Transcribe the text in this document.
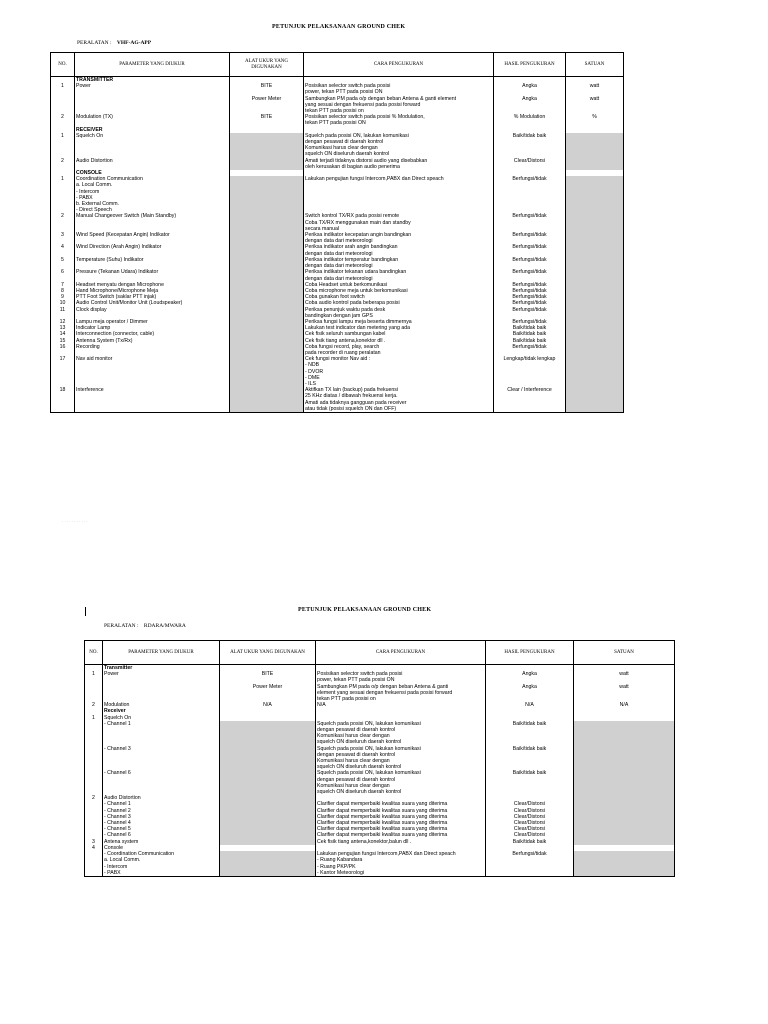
PETUNJUK PELAKSANAAN GROUND CHEK
PERALATAN : VHF-AG-APP
NO.	PARAMETER YANG DIUKUR	ALAT UKUR YANG DIGUNAKAN	CARA PENGUKURAN	HASIL PENGUKURAN	SATUAN
	TRANSMITTER				
1	Power	BITE	Posisikan selector switch pada posisi	Angka	watt
			power, tekan PTT pada posisi ON		
		Power Meter	Sambungkan PM pada o/p dengan beban Antena & ganti element	Angka	watt
			yang sesuai dengan frekuensi pada posisi forward		
			tekan PTT pada posisi on		
2	Modulation (TX)	BITE	Posisikan selector switch pada posisi % Modulation,	% Modulation	%
			tekan PTT pada posisi ON		
	RECEIVER				
1	Squelch On		Squelch pada posisi ON, lakukan komunikasi	Baik/tidak baik	
			dengan pesawat di daerah kontrol		
			Komunikasi harus clear dengan		
			squelch ON diseluruh daerah kontrol		
2	Audio Distortion		Amati terjadi tidaknya distorsi audio yang disebabkan	Clear/Distorsi	
			oleh kerusakan di bagian audio penerima		
	CONSOLE				
1	Coordination Communication		Lakukan pengujian fungsi Intercom,PABX dan Direct speach	Berfungsi/tidak	
	a. Local Comm.				
	- Intercom				
	- PABX				
	b. External Comm.				
	- Direct Speech				
2	Manual Changeover Switch (Main Standby)		Switch kontrol TX/RX pada posisi remote	Berfungsi/tidak	
			Coba TX/RX menggunakan main dan standby		
			secara manual		
3	Wind Speed (Kecepatan Angin) Indikator		Periksa indikator kecepatan angin bandingkan	Berfungsi/tidak	
			dengan data dari meteorologi		
4	Wind Direction (Arah Angin) Indikator		Periksa indikator arah angin bandingkan	Berfungsi/tidak	
			dengan data dari meteorologi		
5	Temperature (Suhu) Indikator		Periksa indikator temperatur bandingkan	Berfungsi/tidak	
			dengan data dari meteorologi		
6	Pressure (Tekanan Udara) Indikator		Periksa indikator tekanan udara bandingkan	Berfungsi/tidak	
			dengan data dari meteorologi		
7	Headset menyatu dengan Microphone		Coba Headset untuk berkomunikasi	Berfungsi/tidak	
8	Hand Microphone/Microphone Meja		Coba microphone meja untuk berkomunikasi	Berfungsi/tidak	
9	PTT Foot Switch (saklar PTT injak)		Coba gunakan foot switch	Berfungsi/tidak	
10	Audio Control Unit/Monitor Unit (Loudspeaker)		Coba audio kontrol pada beberapa posisi	Berfungsi/tidak	
11	Clock display		Periksa penunjuk waktu pada desk	Berfungsi/tidak	
			bandingkan dengan jam GPS		
12	Lampu meja operator / Dimmer		Periksa fungsi lampu meja beserta dimmernya	Berfungsi/tidak	
13	Indicator Lamp		Lakukan test indicator dan metering yang ada	Baik/tidak baik	
14	Interconnection (connector, cable)		Cek fisik seluruh sambungan kabel	Baik/tidak baik	
15	Antenna System (Tx/Rx)		Cek fisik tiang antena,konektor dll .	Baik/tidak baik	
16	Recording		Coba fungsi record, play, search	Berfungsi/tidak	
			pada recorder di ruang peralatan		
17	Nav aid monitor		Cek fungsi monitor Nav aid :	Lengkap/tidak lengkap	
			- NDB		
			- DVOR		
			- DME		
			- ILS		
18	Interference		Aktifkan TX lain (backup) pada frekuensi	Clear / Interference	
			25 KHz diatas / dibawah frekuensi kerja.		
			Amati ada tidaknya gangguan pada receiver		
			atau tidak (posisi squelch ON dan OFF)		
· · · · · · · · · · ·
PETUNJUK PELAKSANAAN GROUND CHEK
PERALATAN : RDARA/MWARA
NO.	PARAMETER YANG DIUKUR	ALAT UKUR YANG DIGUNAKAN	CARA PENGUKURAN	HASIL PENGUKURAN	SATUAN
	Transmitter				
1	Power	BITE	Posisikan selector switch pada posisi	Angka	watt
			power, tekan PTT pada posisi ON		
		Power Meter	Sambungkan PM pada o/p dengan beban Antena & ganti	Angka	watt
			element yang sesuai dengan frekuensi pada posisi forward		
			tekan PTT pada posisi on		
2	Modulation	N/A	N/A	N/A	N/A
	Receiver				
1	Squelch On				
	- Channel 1		Squelch pada posisi ON, lakukan komunikasi	Baik/tidak baik	
			dengan pesawat di daerah kontrol		
			Komunikasi harus clear dengan		
			squelch ON diseluruh daerah kontrol		
	- Channel 3		Squelch pada posisi ON, lakukan komunikasi	Baik/tidak baik	
			dengan pesawat di daerah kontrol		
			Komunikasi harus clear dengan		
			squelch ON diseluruh daerah kontrol		
	- Channel 6		Squelch pada posisi ON, lakukan komunikasi	Baik/tidak baik	
			dengan pesawat di daerah kontrol		
			Komunikasi harus clear dengan		
			squelch ON diseluruh daerah kontrol		
2	Audio Distortion				
	- Channel 1		Clarifier dapat memperbaiki kwalitas suara yang diterima	Clear/Distorsi	
	- Channel 2		Clarifier dapat memperbaiki kwalitas suara yang diterima	Clear/Distorsi	
	- Channel 3		Clarifier dapat memperbaiki kwalitas suara yang diterima	Clear/Distorsi	
	- Channel 4		Clarifier dapat memperbaiki kwalitas suara yang diterima	Clear/Distorsi	
	- Channel 5		Clarifier dapat memperbaiki kwalitas suara yang diterima	Clear/Distorsi	
	- Channel 6		Clarifier dapat memperbaiki kwalitas suara yang diterima	Clear/Distorsi	
3	Antena system		Cek fisik tiang antena,konektor,balun dll .	Baik/tidak baik	
4	Console				
	- Coordination Communication		Lakukan pengujian fungsi Intercom,PABX dan Direct speach	Berfungsi/tidak	
	a. Local Comm.		- Ruang Kabandara		
	- Intercom		- Ruang PKP/PK		
	- PABX		- Kantor Meteorologi		
